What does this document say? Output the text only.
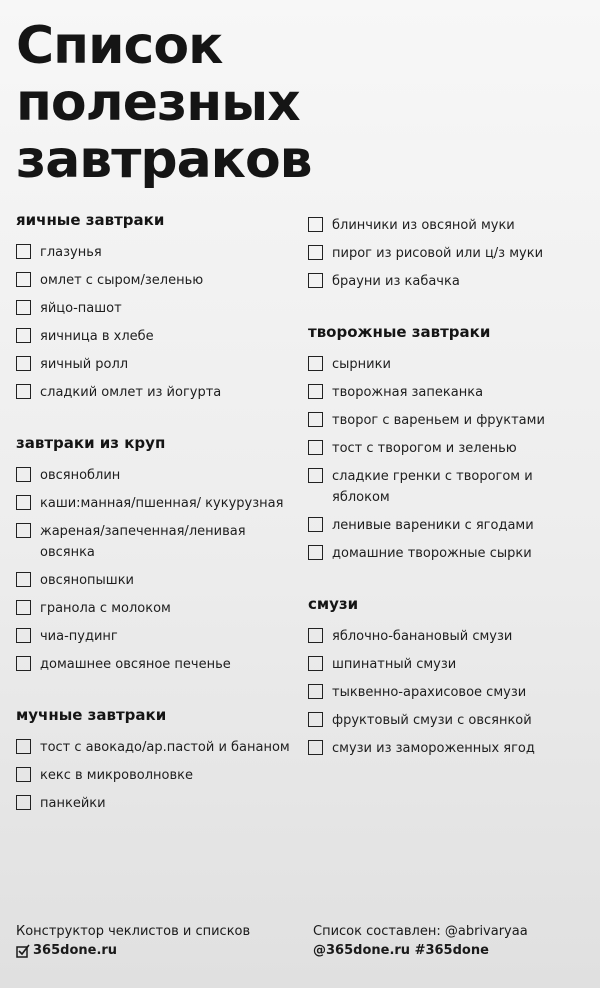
Список
полезных
завтраков
яичные завтраки
глазунья
омлет с сыром/зеленью
яйцо-пашот
яичница в хлебе
яичный ролл
сладкий омлет из йогурта
завтраки из круп
овсяноблин
каши:манная/пшенная/ кукурузная
жареная/запеченная/ленивая овсянка
овсянопышки
гранола с молоком
чиа-пудинг
домашнее овсяное печенье
мучные завтраки
тост с авокадо/ар.пастой и бананом
кекс в микроволновке
панкейки
блинчики из овсяной муки
пирог из рисовой или ц/з муки
брауни из кабачка
творожные завтраки
сырники
творожная запеканка
творог с вареньем и фруктами
тост с творогом и зеленью
сладкие гренки с творогом и яблоком
ленивые вареники с ягодами
домашние творожные сырки
смузи
яблочно-банановый смузи
шпинатный смузи
тыквенно-арахисовое смузи
фруктовый смузи с овсянкой
смузи из замороженных ягод
Конструктор чеклистов и списков
365done.ru
Список составлен: @abrivaryaa
@365done.ru #365done
